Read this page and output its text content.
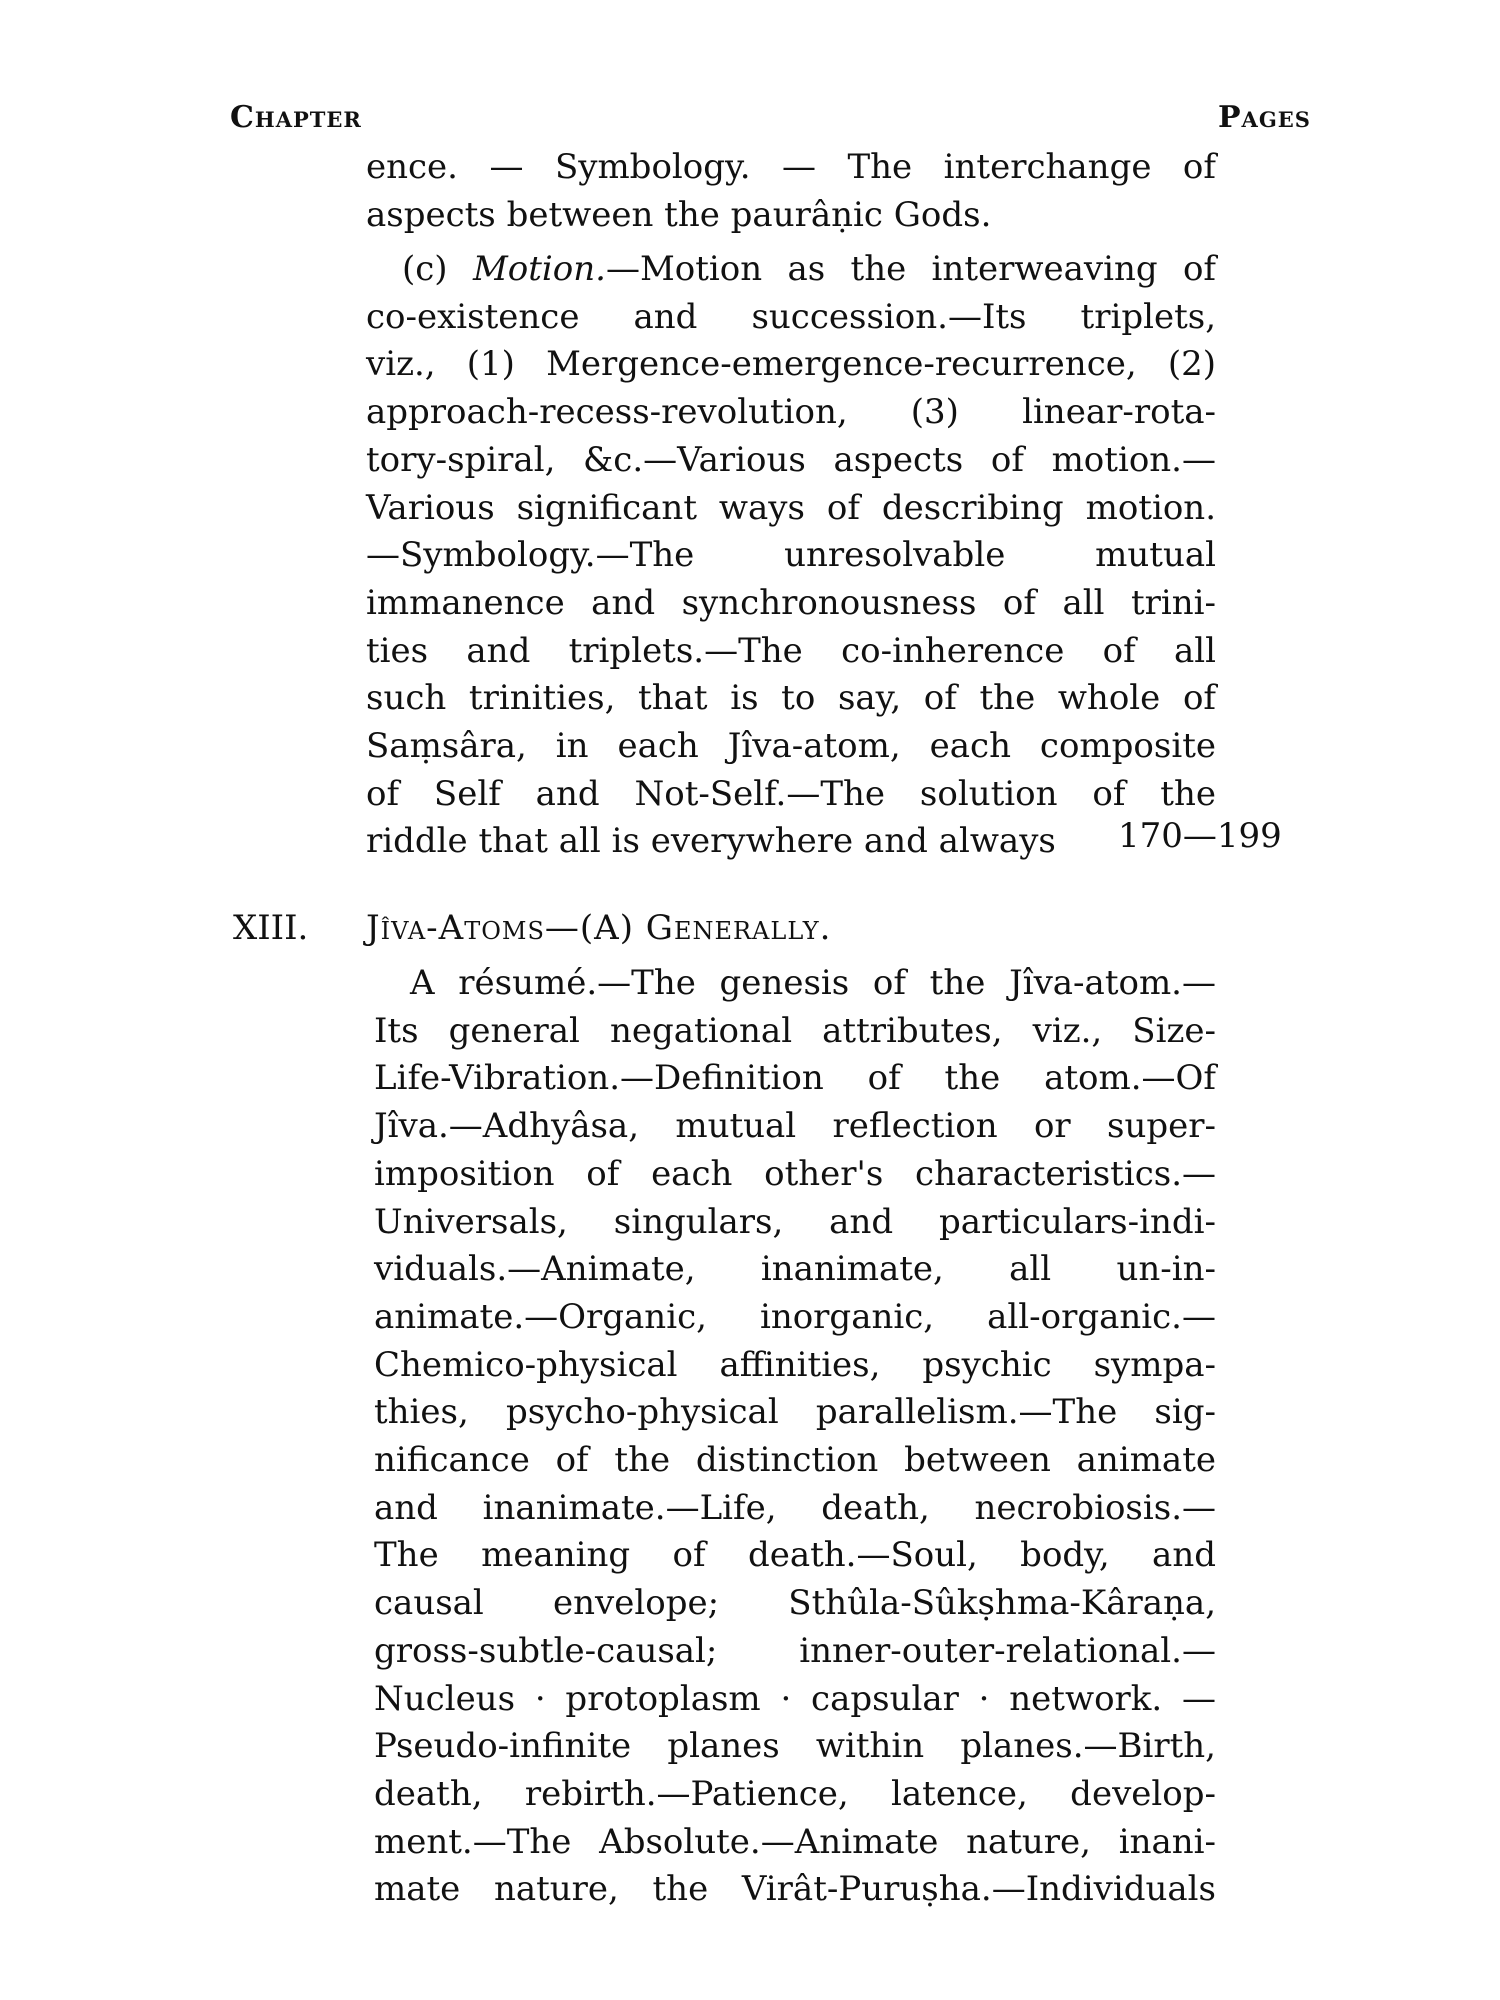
Chapter	Pages
ence. — Symbology. — The interchange of
aspects between the paurâṇic Gods.
(c) Motion.—Motion as the interweaving of
co-existence and succession.—Its triplets,
viz., (1) Mergence-emergence-recurrence, (2)
approach-recess-revolution, (3) linear-rota-
tory-spiral, &c.—Various aspects of motion.—
Various significant ways of describing motion.
—Symbology.—The unresolvable mutual
immanence and synchronousness of all trini-
ties and triplets.—The co-inherence of all
such trinities, that is to say, of the whole of
Saṃsâra, in each Jîva-atom, each composite
of Self and Not-Self.—The solution of the
riddle that all is everywhere and always	170—199
XIII. Jîva-Atoms—(A) Generally.
A résumé.—The genesis of the Jîva-atom.—
Its general negational attributes, viz., Size-
Life-Vibration.—Definition of the atom.—Of
Jîva.—Adhyâsa, mutual reflection or super-
imposition of each other's characteristics.—
Universals, singulars, and particulars-indi-
viduals.—Animate, inanimate, all un-in-
animate.—Organic, inorganic, all-organic.—
Chemico-physical affinities, psychic sympa-
thies, psycho-physical parallelism.—The sig-
nificance of the distinction between animate
and inanimate.—Life, death, necrobiosis.—
The meaning of death.—Soul, body, and
causal envelope; Sthûla-Sûkṣhma-Kâraṇa,
gross-subtle-causal; inner-outer-relational.—
Nucleus · protoplasm · capsular · network. —
Pseudo-infinite planes within planes.—Birth,
death, rebirth.—Patience, latence, develop-
ment.—The Absolute.—Animate nature, inani-
mate nature, the Virât-Puruṣha.—Individuals
